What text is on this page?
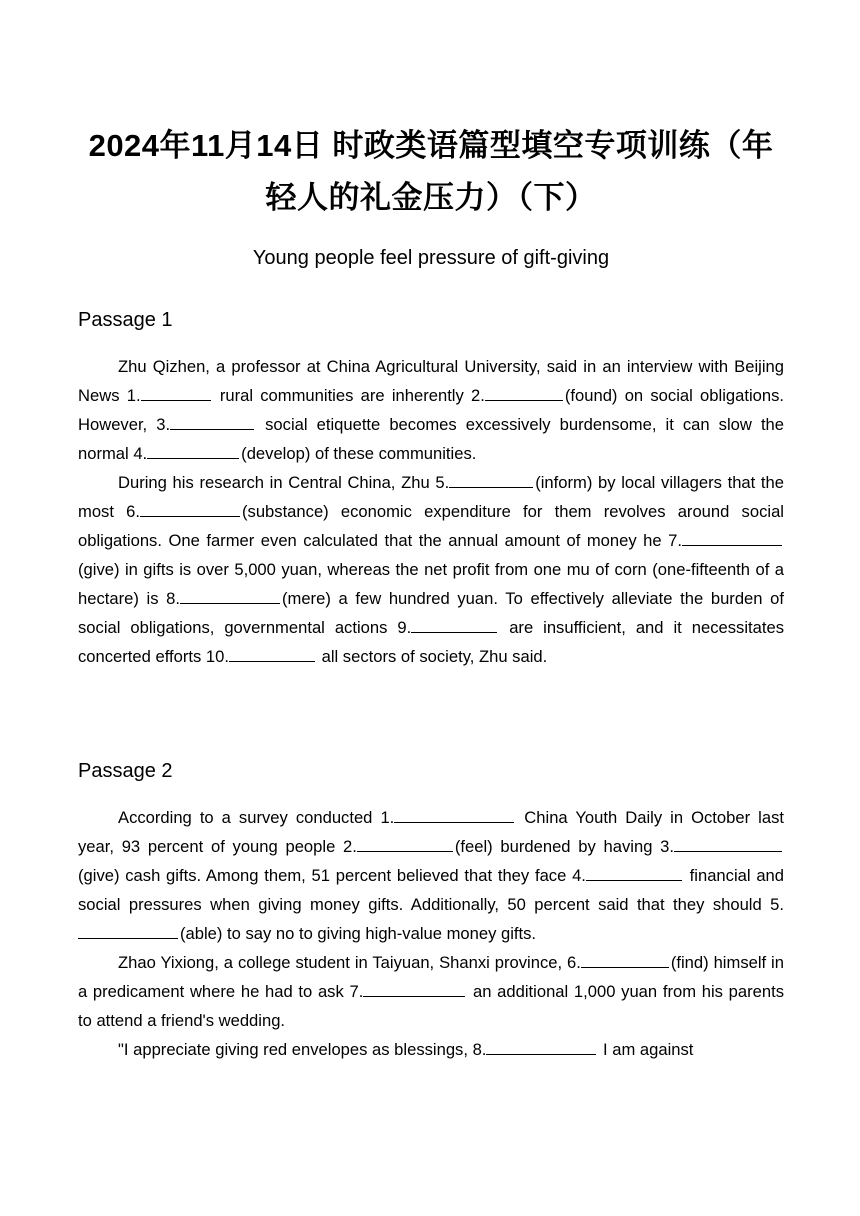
2024年11月14日 时政类语篇型填空专项训练（年轻人的礼金压力）（下）

Young people feel pressure of gift-giving

Passage 1

Zhu Qizhen, a professor at China Agricultural University, said in an interview with Beijing News 1.	rural communities are inherently 2.	(found) on social obligations. However, 3.	social etiquette becomes excessively burdensome, it can slow the normal 4.	(develop) of these communities.

During his research in Central China, Zhu 5.	(inform) by local villagers that the most 6.	(substance) economic expenditure for them revolves around social obligations. One farmer even calculated that the annual amount of money he 7.(give) in gifts is over 5,000 yuan, whereas the net profit from one mu of corn (one-fifteenth of a hectare) is 8.	(mere) a few hundred yuan. To effectively alleviate the burden of social obligations, governmental actions 9.	are insufficient, and it necessitates concerted efforts 10.	all sectors of society, Zhu said.

Passage 2

According to a survey conducted 1.	China Youth Daily in October last year, 93 percent of young people 2.	(feel) burdened by having 3.(give) cash gifts. Among them, 51 percent believed that they face 4.	financial and social pressures when giving money gifts. Additionally, 50 percent said that they should 5.(able) to say no to giving high-value money gifts.

Zhao Yixiong, a college student in Taiyuan, Shanxi province, 6.	(find) himself in a predicament where he had to ask 7.	an additional 1,000 yuan from his parents to attend a friend's wedding.

"I appreciate giving red envelopes as blessings, 8.	I am against
